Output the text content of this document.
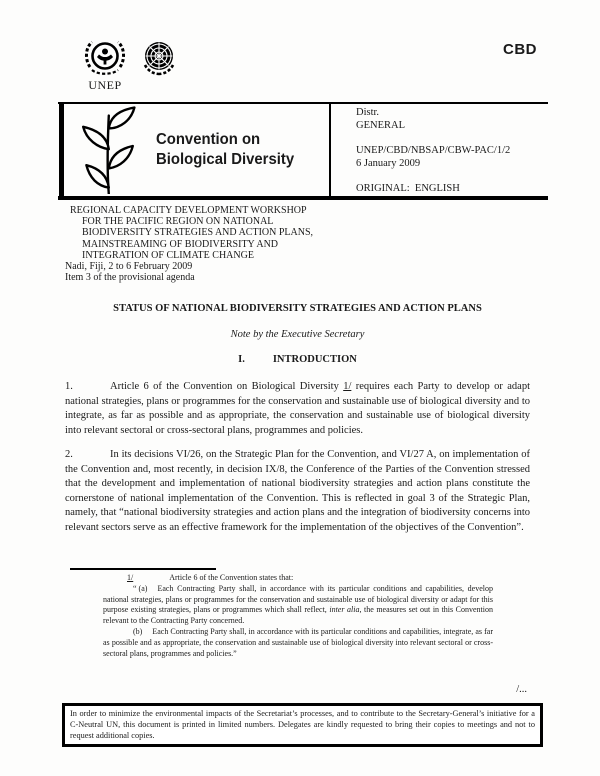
CBD
UNEP
Convention on
Biological Diversity
Distr.
GENERAL
UNEP/CBD/NBSAP/CBW-PAC/1/2
6 January 2009
ORIGINAL:  ENGLISH
REGIONAL CAPACITY DEVELOPMENT WORKSHOP
FOR THE PACIFIC REGION ON NATIONAL
BIODIVERSITY STRATEGIES AND ACTION PLANS,
MAINSTREAMING OF BIODIVERSITY AND
INTEGRATION OF CLIMATE CHANGE
Nadi, Fiji, 2 to 6 February 2009
Item 3 of the provisional agenda
STATUS OF NATIONAL BIODIVERSITY STRATEGIES AND ACTION PLANS
Note by the Executive Secretary
I.	INTRODUCTION

1.	Article 6 of the Convention on Biological Diversity 1/ requires each Party to develop or adapt national strategies, plans or programmes for the conservation and sustainable use of biological diversity and to integrate, as far as possible and as appropriate, the conservation and sustainable use of biological diversity into relevant sectoral or cross-sectoral plans, programmes and policies.

2.	In its decisions VI/26, on the Strategic Plan for the Convention, and VI/27 A, on implementation of the Convention and, most recently, in decision IX/8, the Conference of the Parties of the Convention stressed that the development and implementation of national biodiversity strategies and action plans constitute the cornerstone of national implementation of the Convention. This is reflected in goal 3 of the Strategic Plan, namely, that “national biodiversity strategies and action plans and the integration of biodiversity concerns into relevant sectors serve as an effective framework for the implementation of the objectives of the Convention”.

1/	Article 6 of the Convention states that:
“ (a) Each Contracting Party shall, in accordance with its particular conditions and capabilities, develop national strategies, plans or programmes for the conservation and sustainable use of biological diversity or adapt for this purpose existing strategies, plans or programmes which shall reflect, inter alia, the measures set out in this Convention relevant to the Contracting Party concerned.
(b) Each Contracting Party shall, in accordance with its particular conditions and capabilities, integrate, as far as possible and as appropriate, the conservation and sustainable use of biological diversity into relevant sectoral or cross-sectoral plans, programmes and policies.”
/...
In order to minimize the environmental impacts of the Secretariat’s processes, and to contribute to the Secretary-General’s initiative for a C-Neutral UN, this document is printed in limited numbers. Delegates are kindly requested to bring their copies to meetings and not to request additional copies.
